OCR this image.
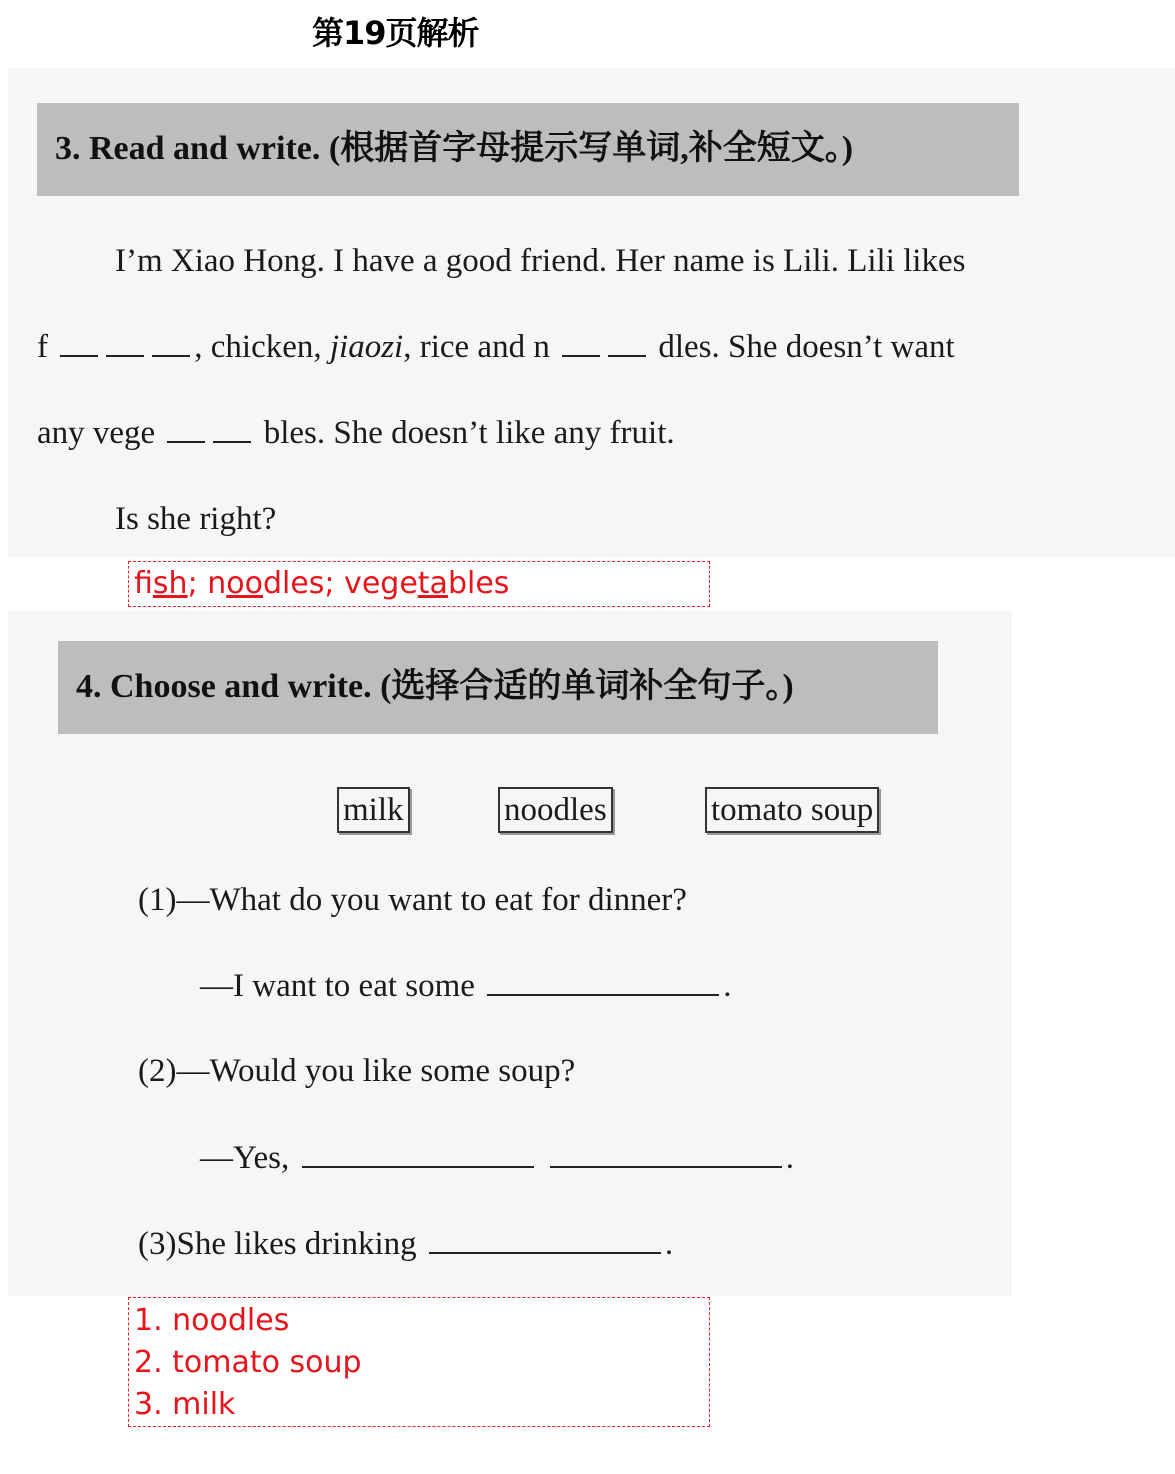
第19页解析
3. Read and write. (根据首字母提示写单词,补全短文。)
I’m Xiao Hong. I have a good friend. Her name is Lili. Lili likes
f	, chicken, jiaozi, rice and n	dles. She doesn’t want
any vege	bles. She doesn’t like any fruit.
Is she right?
fish; noodles; vegetables
4. Choose and write. (选择合适的单词补全句子。)
milk	noodles	tomato soup
(1)—What do you want to eat for dinner?
—I want to eat some	.
(2)—Would you like some soup?
—Yes,	.
(3)She likes drinking	.
1. noodles
2. tomato soup
3. milk
